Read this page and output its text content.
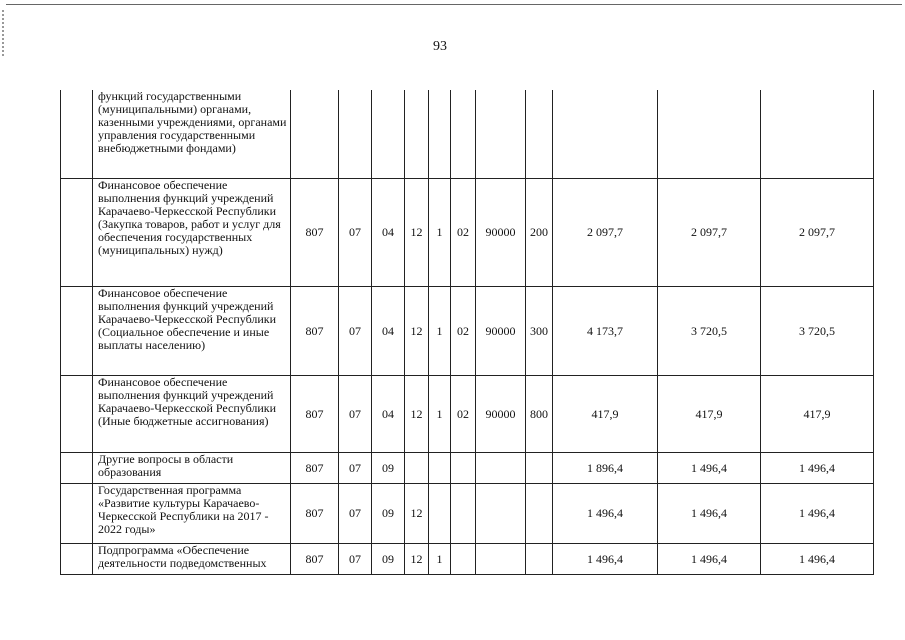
93

	функций государственными (муниципальными) органами, казенными учреждениями, органами управления государственными внебюджетными фондами)											

	Финансовое обеспечение выполнения функций учреждений Карачаево-Черкесской Республики (Закупка товаров, работ и услуг для обеспечения государственных (муниципальных) нужд)	807	07	04	12	1	02	90000	200	2 097,7	2 097,7	2 097,7

	Финансовое обеспечение выполнения функций учреждений Карачаево-Черкесской Республики (Социальное обеспечение и иные выплаты населению)	807	07	04	12	1	02	90000	300	4 173,7	3 720,5	3 720,5

	Финансовое обеспечение выполнения функций учреждений Карачаево-Черкесской Республики (Иные бюджетные ассигнования)	807	07	04	12	1	02	90000	800	417,9	417,9	417,9

	Другие вопросы в области образования	807	07	09						1 896,4	1 496,4	1 496,4

	Государственная программа «Развитие культуры Карачаево-Черкесской Республики на 2017 - 2022 годы»	807	07	09	12					1 496,4	1 496,4	1 496,4

	Подпрограмма «Обеспечение деятельности подведомственных	807	07	09	12	1				1 496,4	1 496,4	1 496,4
